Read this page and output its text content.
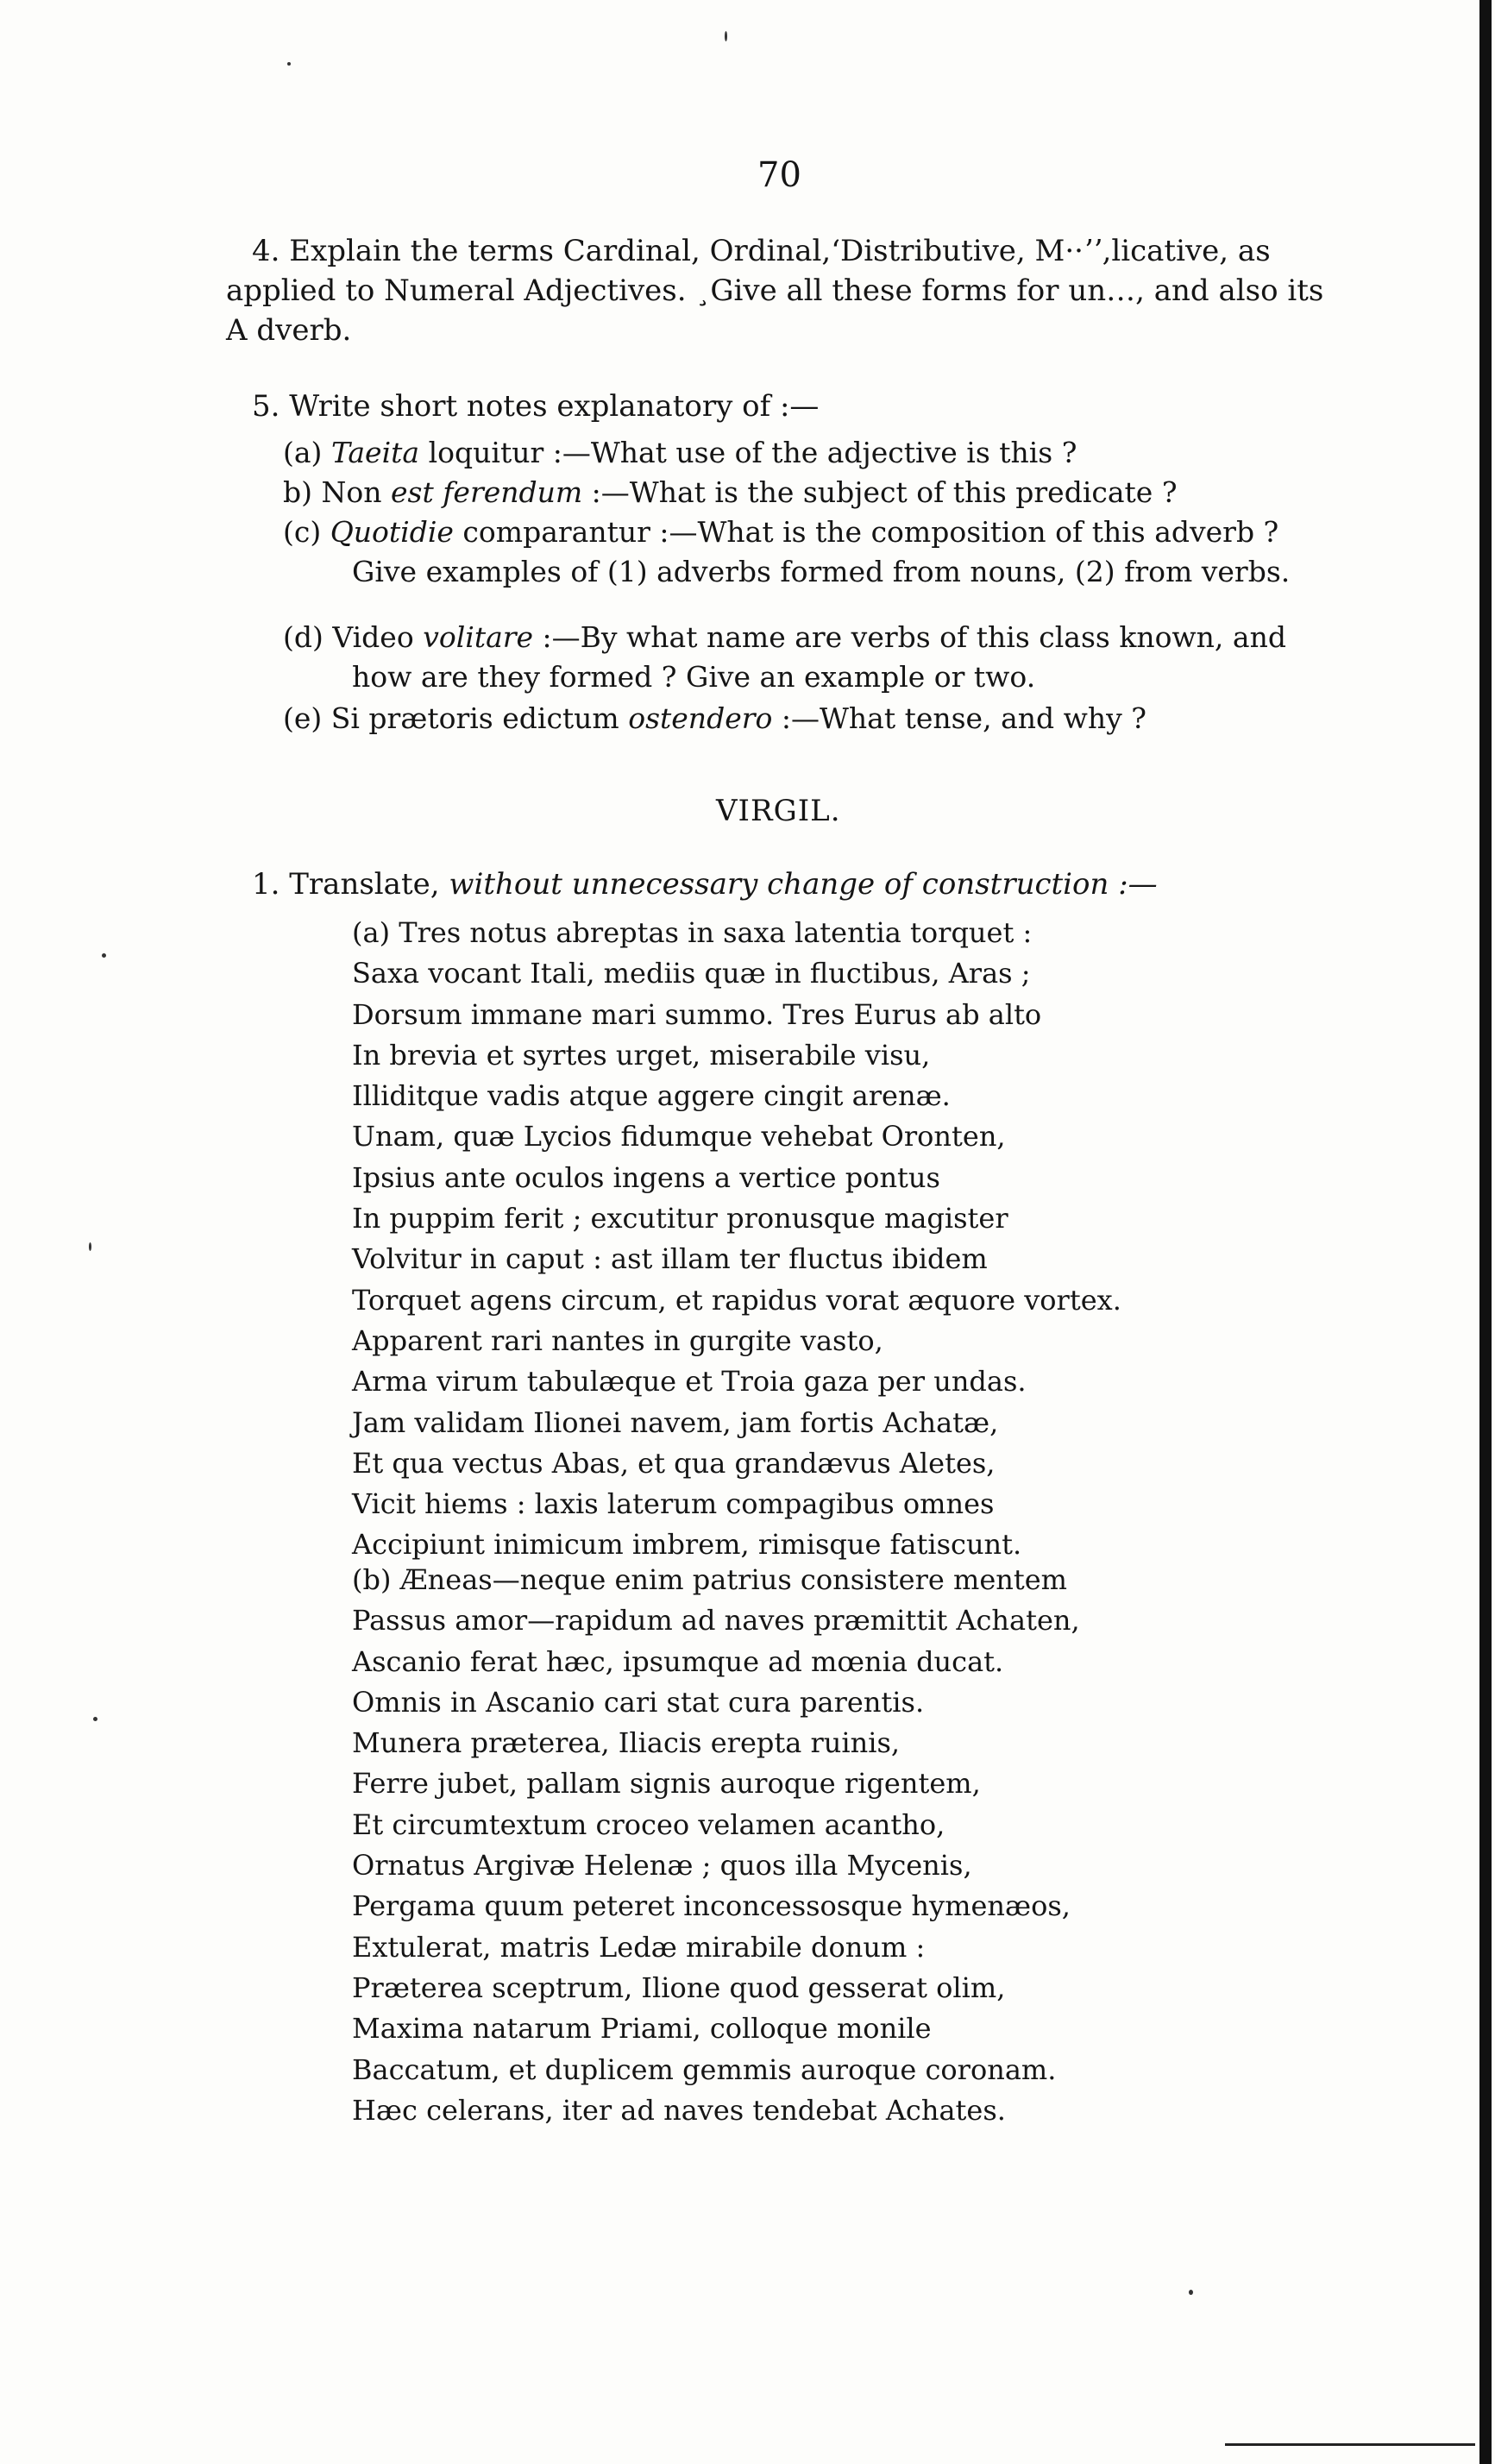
70
4. Explain the terms Cardinal, Ordinal,ʻDistributive, M··ʼʼ,licative, as
applied to Numeral Adjectives. ¸Give all these forms for un…, and also its
A dverb.
5. Write short notes explanatory of :—
(a) Taeita loquitur :—What use of the adjective is this ?
b) Non est ferendum :—What is the subject of this predicate ?
(c) Quotidie comparantur :—What is the composition of this adverb ?
Give examples of (1) adverbs formed from nouns, (2) from verbs.
(d) Video volitare :—By what name are verbs of this class known, and
how are they formed ? Give an example or two.
(e) Si prætoris edictum ostendero :—What tense, and why ?
VIRGIL.
1. Translate, without unnecessary change of construction :—
(a) Tres notus abreptas in saxa latentia torquet :
Saxa vocant Itali, mediis quæ in fluctibus, Aras ;
Dorsum immane mari summo. Tres Eurus ab alto
In brevia et syrtes urget, miserabile visu,
Illiditque vadis atque aggere cingit arenæ.
Unam, quæ Lycios fidumque vehebat Oronten,
Ipsius ante oculos ingens a vertice pontus
In puppim ferit ; excutitur pronusque magister
Volvitur in caput : ast illam ter fluctus ibidem
Torquet agens circum, et rapidus vorat æquore vortex.
Apparent rari nantes in gurgite vasto,
Arma virum tabulæque et Troia gaza per undas.
Jam validam Ilionei navem, jam fortis Achatæ,
Et qua vectus Abas, et qua grandævus Aletes,
Vicit hiems : laxis laterum compagibus omnes
Accipiunt inimicum imbrem, rimisque fatiscunt.
(b) Æneas—neque enim patrius consistere mentem
Passus amor—rapidum ad naves præmittit Achaten,
Ascanio ferat hæc, ipsumque ad mœnia ducat.
Omnis in Ascanio cari stat cura parentis.
Munera præterea, Iliacis erepta ruinis,
Ferre jubet, pallam signis auroque rigentem,
Et circumtextum croceo velamen acantho,
Ornatus Argivæ Helenæ ; quos illa Mycenis,
Pergama quum peteret inconcessosque hymenæos,
Extulerat, matris Ledæ mirabile donum :
Præterea sceptrum, Ilione quod gesserat olim,
Maxima natarum Priami, colloque monile
Baccatum, et duplicem gemmis auroque coronam.
Hæc celerans, iter ad naves tendebat Achates.
